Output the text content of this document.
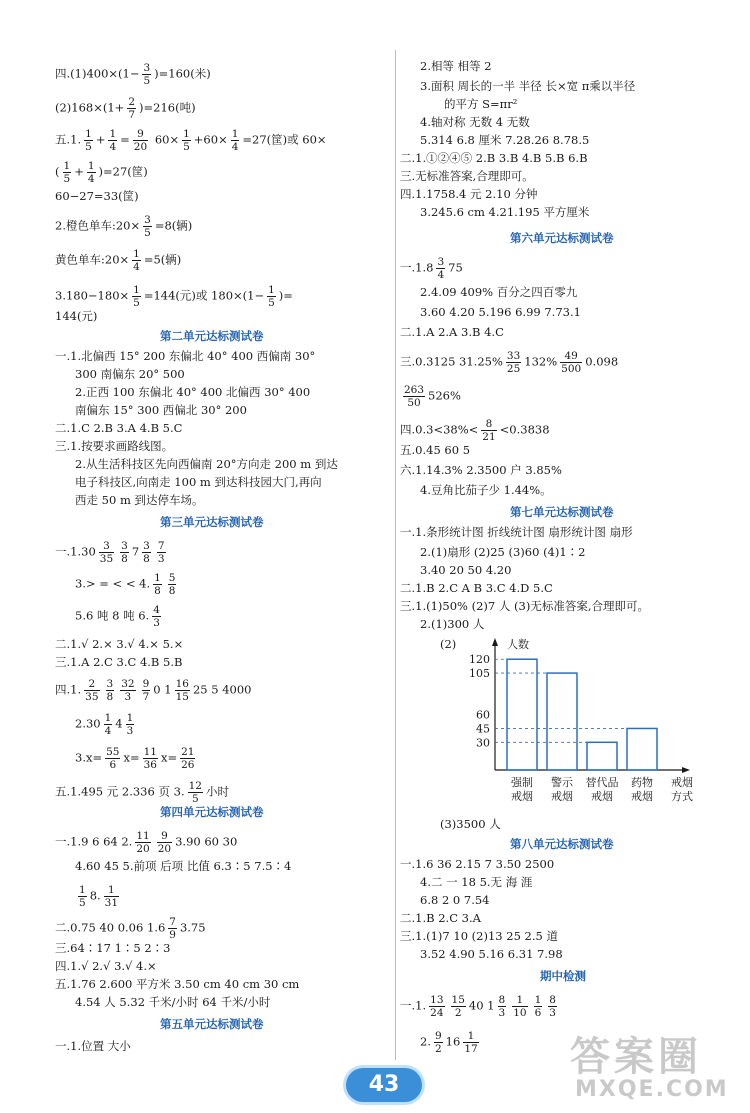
四$.(1)400\times(1- \frac{3}{5} )=160$(米)
$(2)168\times(1+ \frac{2}{7} )=216$(吨)
五.1. $\frac{1}{5} + \frac{1}{4} = \frac{9}{20} 60\times \frac{1}{5} +60\times \frac{1}{4} =27$(筐)或 60×
( $\frac{1}{5} + \frac{1}{4} )=27$(筐)
60−27=33(筐)
2.橙色单车:20× $\frac{3}{5} =8$(辆)
黄色单车:20× $\frac{1}{4} =5$(辆)
$3.180-180\times \frac{1}{5} =144$(元)或 $180\times(1- \frac{1}{5}$ )=
144(元)
第二单元达标测试卷
一.1.北偏西 15° 200 东偏北 40° 400 西偏南 30°
300 南偏东 20° 500
2.正西 100 东偏北 40° 400 北偏西 30° 400
南偏东 15° 300 西偏北 30° 200
二.1.C 2.B 3.A 4.B 5.C
三.1.按要求画路线图。
2.从生活科技区先向西偏南 20°方向走 200 m 到达
电子科技区,向南走 100 m 到达科技园大门,再向
西走 50 m 到达停车场。
第三单元达标测试卷
一$.1.30 \frac{3}{35} \frac{3}{8} 7 \frac{3}{8} \frac{7}{3}$
3.> = < < 4. $\frac{1}{8} \frac{5}{8}$
5.6 吨 8 吨 6. $\frac{4}{3}$
二.1.√ 2.× 3.√ 4.× 5.×
三.1.A 2.C 3.C 4.B 5.B
四.1. $\frac{2}{35} \frac{3}{8} \frac{32}{3} \frac{9}{7} 0$ $1 \frac{16}{15} 25$ 5 4000
$2.30 \frac{1}{4} 4 \frac{1}{3}$
$3.x= \frac{55}{6} x= \frac{11}{36} x= \frac{21}{26}$
五.1.495 元 2.336 页 3. $\frac{12}{5}$ 小时
第四单元达标测试卷
一.1.9 6 64 2. $\frac{11}{20} \frac{9}{20} 3.90$ 60 30
4.60 45 5.前项 后项 比值 6.3∶5 7.5∶4
$\frac{1}{5} 8$. $\frac{1}{31}$
二.0.75 40 0.06 $1.6 \frac{7}{9} 3.75$
三.64∶17 1∶5 2∶3
四.1.√ 2.√ 3.√ 4.×
五.1.76 2.600 平方米 3.50 cm 40 cm 30 cm
4.54 人 5.32 千米/小时 64 千米/小时
第五单元达标测试卷
一.1.位置 大小
2.相等 相等 2
3.面积 周长的一半 半径 长×宽 π乘以半径
的平方 S=πr²
4.轴对称 无数 4 无数
5.314 6.8 厘米 7.28.26 8.78.5
二.1.①②④⑤ 2.B 3.B 4.B 5.B 6.B
三.无标准答案,合理即可。
四.1.1758.4 元 2.10 分钟
3.245.6 cm 4.21.195 平方厘米
第六单元达标测试卷
一$.1.8 \frac{3}{4} 75$
2.4.09 409% 百分之四百零九
3.60 4.20 5.196 6.99 7.73.1
二.1.A 2.A 3.B 4.C
三.0.3125 $31.25\% \frac{33}{25} 132\% \frac{49}{500} 0.098$
$\frac{263}{50} 526\%$
四$.0.3<38\%< \frac{8}{21} <0.3838$
五.0.45 60 5
六.1.14.3% 2.3500 户 3.85%
4.豆角比茄子少 1.44%。
第七单元达标测试卷
一.1.条形统计图 折线统计图 扇形统计图 扇形
2.(1)扇形 (2)25 (3)60 (4)1∶2
3.40 20 50 4.20
二.1.B 2.C A B 3.C 4.D 5.C
三.1.(1)50% (2)7 人 (3)无标准答案,合理即可。
2.(1)300 人
(2)
(3)3500 人
第八单元达标测试卷
一.1.6 36 2.15 7 3.50 2500
4.二 一 18 5.无 海 涯
6.8 2 0 7.54
二.1.B 2.C 3.A
三.1.(1)7 10 (2)13 25 2.5 道
3.52 4.90 5.16 6.31 7.98
期中检测
一.1. $\frac{13}{24} \frac{15}{2} 40$ $1 \frac{8}{3} \frac{1}{10} \frac{1}{6} \frac{8}{3}$
2. $\frac{9}{2} 16 \frac{1}{17}$
人数
30
45
60
105
120
强制
戒烟
警示
戒烟
替代品
戒烟
药物
戒烟
戒烟
方式
43
答案圈
MXQE.COM
